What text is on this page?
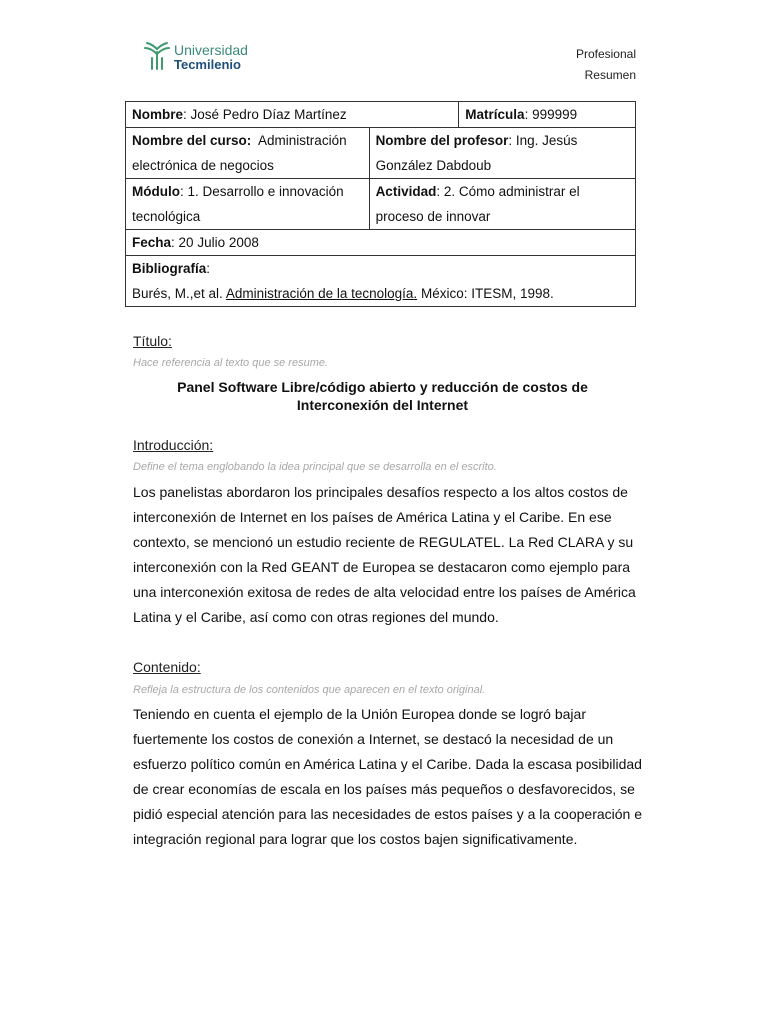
Universidad
Tecmilenio
Profesional
Resumen
Nombre: José Pedro Díaz Martínez		Matrícula: 999999
Nombre del curso: Administración electrónica de negocios	Nombre del profesor: Ing. Jesús González Dabdoub	
Módulo: 1. Desarrollo e innovación tecnológica	Actividad: 2. Cómo administrar el proceso de innovar	
Fecha: 20 Julio 2008		
Bibliografía:
Burés, M.,et al. Administración de la tecnología. México: ITESM, 1998.		
Título:
Hace referencia al texto que se resume.
Panel Software Libre/código abierto y reducción de costos de Interconexión del Internet
Introducción:
Define el tema englobando la idea principal que se desarrolla en el escrito.
Los panelistas abordaron los principales desafíos respecto a los altos costos de interconexión de Internet en los países de América Latina y el Caribe. En ese contexto, se mencionó un estudio reciente de REGULATEL. La Red CLARA y su interconexión con la Red GEANT de Europea se destacaron como ejemplo para una interconexión exitosa de redes de alta velocidad entre los países de América Latina y el Caribe, así como con otras regiones del mundo.
Contenido:
Refleja la estructura de los contenidos que aparecen en el texto original.
Teniendo en cuenta el ejemplo de la Unión Europea donde se logró bajar fuertemente los costos de conexión a Internet, se destacó la necesidad de un esfuerzo político común en América Latina y el Caribe. Dada la escasa posibilidad de crear economías de escala en los países más pequeños o desfavorecidos, se pidió especial atención para las necesidades de estos países y a la cooperación e integración regional para lograr que los costos bajen significativamente.
